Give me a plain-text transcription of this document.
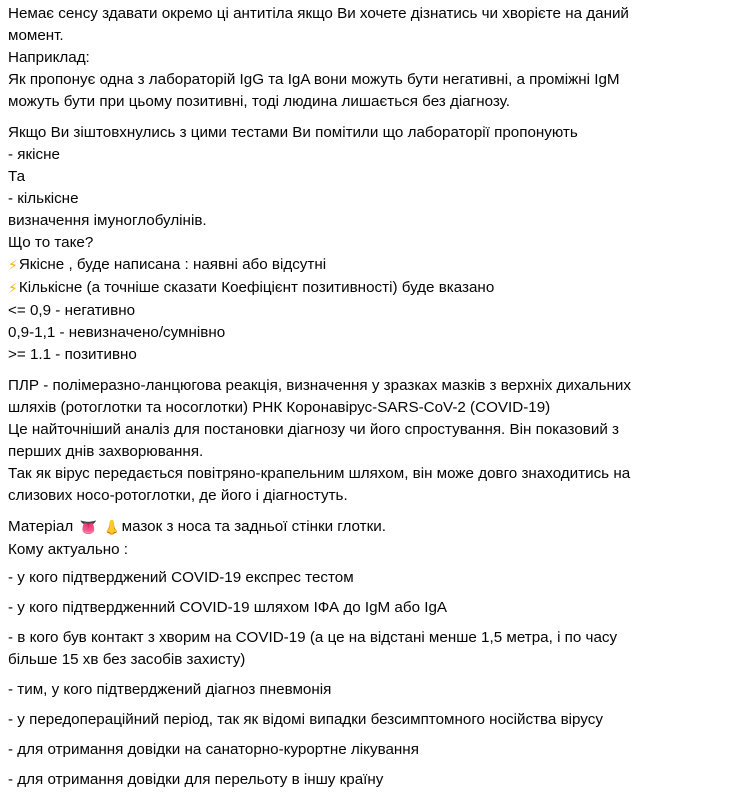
Немає сенсу здавати окремо ці антитіла якщо Ви хочете дізнатись чи хворієте на даний
момент.
Наприклад:
Як пропонує одна з лабораторій IgG та IgA вони можуть бути негативні, а проміжні IgM
можуть бути при цьому позитивні, тоді людина лишається без діагнозу.
Якщо Ви зіштовхнулись з цими тестами Ви помітили що лабораторії пропонують
- якісне
Та
- кількісне
визначення імуноглобулінів.
Що то таке?
⚡Якісне , буде написана : наявні або відсутні
⚡Кількісне (а точніше сказати Коефіцієнт позитивності) буде вказано
<= 0,9 - негативно
0,9-1,1 - невизначено/сумнівно
>= 1.1 - позитивно
ПЛР - полімеразно-ланцюгова реакція, визначення у зразках мазків з верхніх дихальних
шляхів (ротоглотки та носоглотки) РНК Коронавірус-SARS-CoV-2 (COVID-19)
Це найточніший аналіз для постановки діагнозу чи його спростування. Він показовий з
перших днів захворювання.
Так як вірус передається повітряно-крапельним шляхом, він може довго знаходитись на
слизових носо-ротоглотки, де його і діагностуть.
Матеріал 👅 👃мазок з носа та задньої стінки глотки.
Кому актуально :
- у кого підтверджений COVID-19 експрес тестом
- у кого підтвердженний COVID-19 шляхом ІФА до IgM або IgA
- в кого був контакт з хворим на COVID-19 (а це на відстані менше 1,5 метра, і по часу
більше 15 хв без засобів захисту)
- тим, у кого підтверджений діагноз пневмонія
- у передопераційний період, так як відомі випадки безсимптомного носійства вірусу
- для отримання довідки на санаторно-курортне лікування
- для отримання довідки для перельоту в іншу країну
